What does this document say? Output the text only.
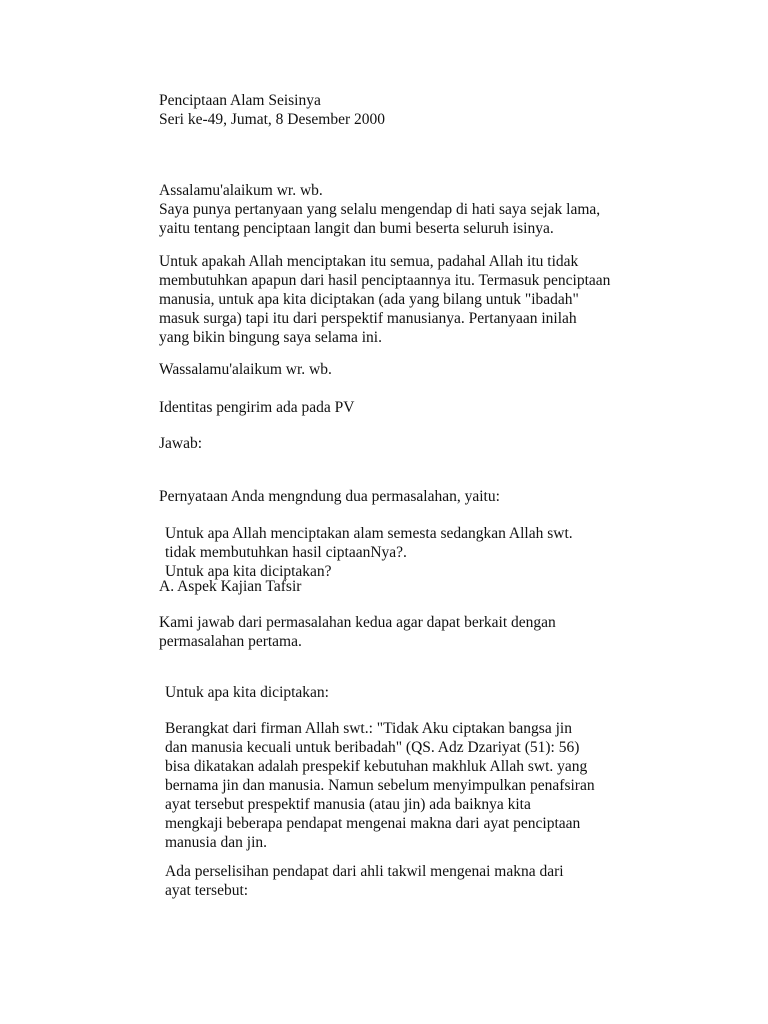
Penciptaan Alam Seisinya
Seri ke-49, Jumat, 8 Desember 2000
Assalamu'alaikum wr. wb.
Saya punya pertanyaan yang selalu mengendap di hati saya sejak lama,
yaitu tentang penciptaan langit dan bumi beserta seluruh isinya.
Untuk apakah Allah menciptakan itu semua, padahal Allah itu tidak
membutuhkan apapun dari hasil penciptaannya itu. Termasuk penciptaan
manusia, untuk apa kita diciptakan (ada yang bilang untuk "ibadah"
masuk surga) tapi itu dari perspektif manusianya. Pertanyaan inilah
yang bikin bingung saya selama ini.
Wassalamu'alaikum wr. wb.
Identitas pengirim ada pada PV
Jawab:
Pernyataan Anda mengndung dua permasalahan, yaitu:
Untuk apa Allah menciptakan alam semesta sedangkan Allah swt.
tidak membutuhkan hasil ciptaanNya?.
Untuk apa kita diciptakan?
A. Aspek Kajian Tafsir
Kami jawab dari permasalahan kedua agar dapat berkait dengan
permasalahan pertama.
Untuk apa kita diciptakan:
Berangkat dari firman Allah swt.: "Tidak Aku ciptakan bangsa jin
dan manusia kecuali untuk beribadah" (QS. Adz Dzariyat (51): 56)
bisa dikatakan adalah prespekif kebutuhan makhluk Allah swt. yang
bernama jin dan manusia. Namun sebelum menyimpulkan penafsiran
ayat tersebut prespektif manusia (atau jin) ada baiknya kita
mengkaji beberapa pendapat mengenai makna dari ayat penciptaan
manusia dan jin.
Ada perselisihan pendapat dari ahli takwil mengenai makna dari
ayat tersebut:
